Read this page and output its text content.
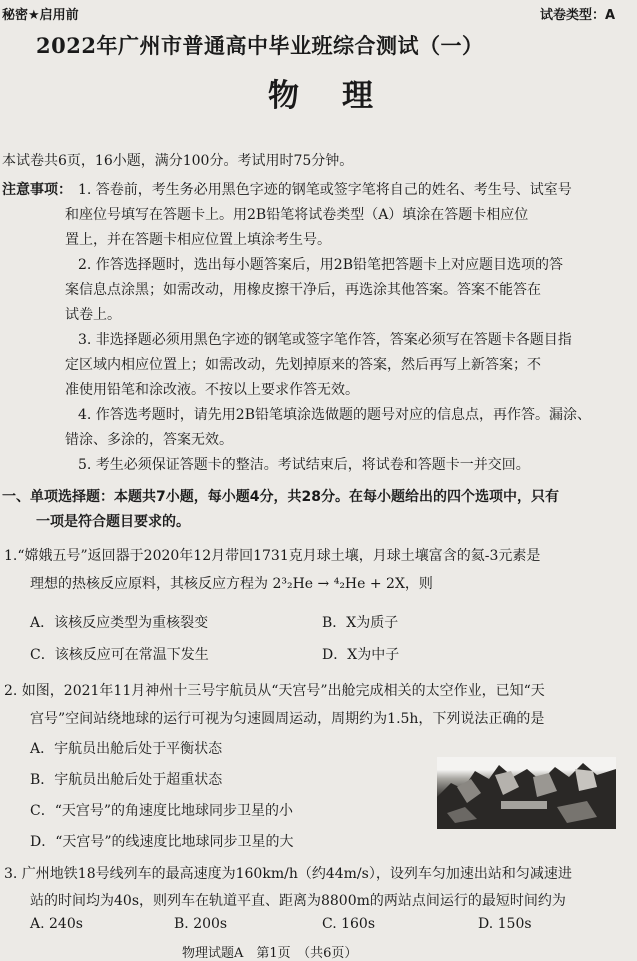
秘密★启用前	试卷类型：A
2022年广州市普通高中毕业班综合测试（一）
物　理
本试卷共6页，16小题，满分100分。考试用时75分钟。
注意事项： 1. 答卷前，考生务必用黑色字迹的钢笔或签字笔将自己的姓名、考生号、试室号
和座位号填写在答题卡上。用2B铅笔将试卷类型（A）填涂在答题卡相应位
置上，并在答题卡相应位置上填涂考生号。
2. 作答选择题时，选出每小题答案后，用2B铅笔把答题卡上对应题目选项的答
案信息点涂黑；如需改动，用橡皮擦干净后，再选涂其他答案。答案不能答在
试卷上。
3. 非选择题必须用黑色字迹的钢笔或签字笔作答，答案必须写在答题卡各题目指
定区域内相应位置上；如需改动，先划掉原来的答案，然后再写上新答案；不
准使用铅笔和涂改液。不按以上要求作答无效。
4. 作答选考题时，请先用2B铅笔填涂选做题的题号对应的信息点，再作答。漏涂、
错涂、多涂的，答案无效。
5. 考生必须保证答题卡的整洁。考试结束后，将试卷和答题卡一并交回。
一、单项选择题：本题共7小题，每小题4分，共28分。在每小题给出的四个选项中，只有
一项是符合题目要求的。
1.“嫦娥五号”返回器于2020年12月带回1731克月球土壤，月球土壤富含的氦-3元素是
理想的热核反应原料，其核反应方程为 2³₂He → ⁴₂He + 2X，则
A．该核反应类型为重核裂变	B．X为质子
C．该核反应可在常温下发生	D．X为中子
2. 如图，2021年11月神州十三号宇航员从“天宫号”出舱完成相关的太空作业，已知“天
宫号”空间站绕地球的运行可视为匀速圆周运动，周期约为1.5h，下列说法正确的是
A．宇航员出舱后处于平衡状态
B．宇航员出舱后处于超重状态
C．“天宫号”的角速度比地球同步卫星的小
D．“天宫号”的线速度比地球同步卫星的大
3. 广州地铁18号线列车的最高速度为160km/h（约44m/s），设列车匀加速出站和匀减速进
站的时间均为40s，则列车在轨道平直、距离为8800m的两站点间运行的最短时间约为
A. 240s	B. 200s	C. 160s	D. 150s
物理试题A　第1页　（共6页）
